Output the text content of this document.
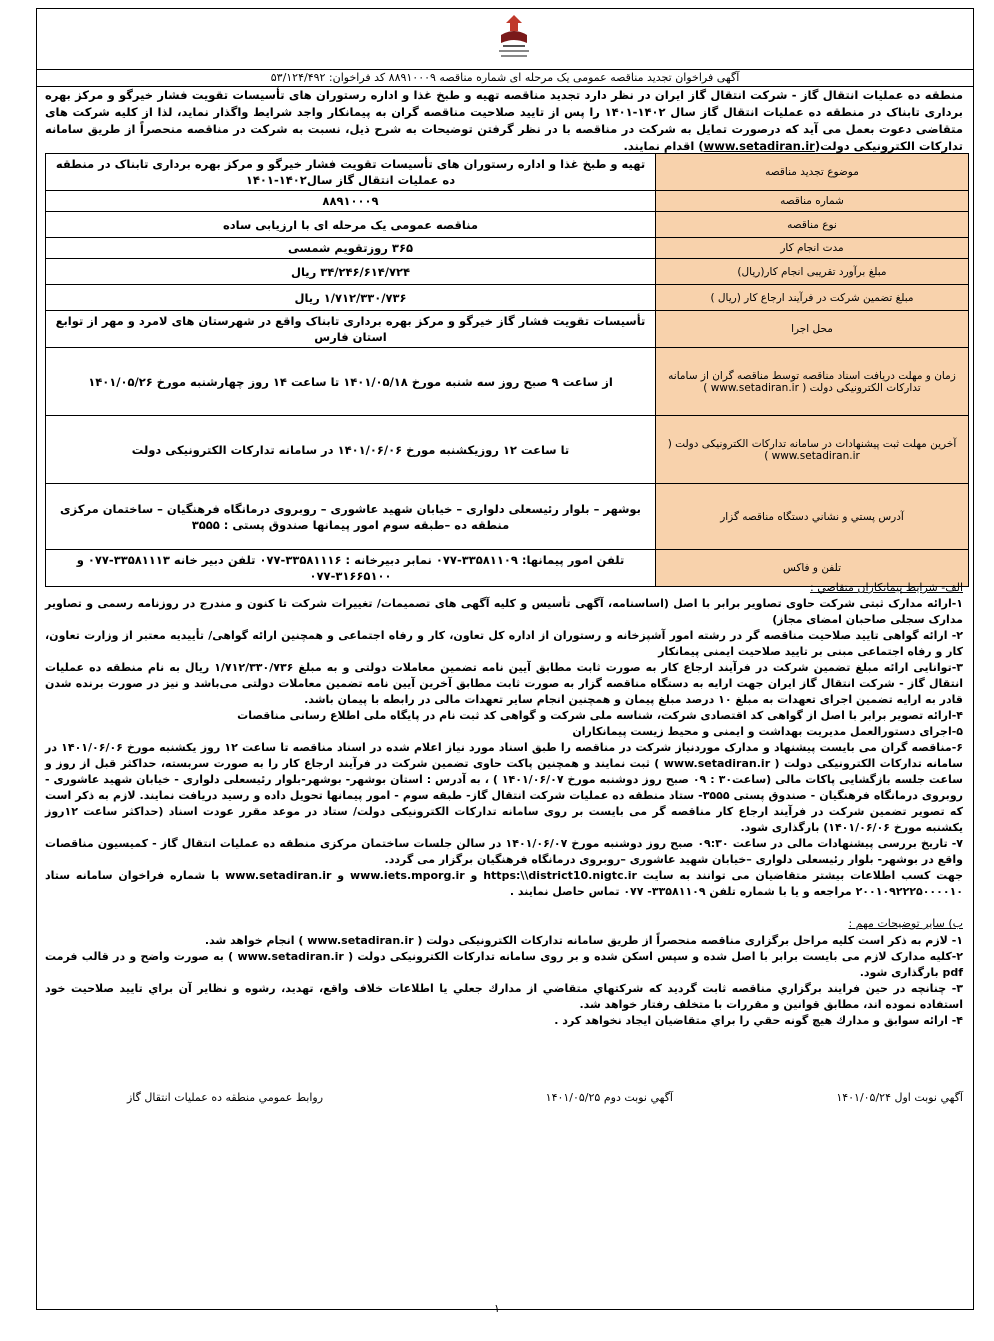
آگهی فراخوان تجدید مناقصه عمومی یک مرحله ای شماره مناقصه ۸۸۹۱۰۰۰۹ کد فراخوان: ۵۳/۱۲۴/۴۹۲
منطقه ده عملیات انتقال گاز - شرکت انتقال گاز ایران در نظر دارد تجدید مناقصه تهیه و طبخ غذا و اداره رستوران های تأسیسات تقویت فشار خیرگو و مرکز بهره برداری تابناک در منطقه ده عملیات انتقال گاز سال ۱۴۰۲-۱۴۰۱ را پس از تایید صلاحیت مناقصه گران به پیمانکار واجد شرایط واگذار نماید، لذا از کلیه شرکت های متقاضی دعوت بعمل می آید که درصورت تمایل به شرکت در مناقصه با در نظر گرفتن توضیحات به شرح ذیل، نسبت به شرکت در مناقصه منحصراً از طریق سامانه تدارکات الکترونیکی دولت(www.setadiran.ir) اقدام نمایند.
موضوع تجدید مناقصه	تهیه و طبخ غذا و اداره رستوران های تأسیسات تقویت فشار خیرگو و مرکز بهره برداری تابناک در منطقه ده عملیات انتقال گاز سال۱۴۰۲-۱۴۰۱
شماره مناقصه	۸۸۹۱۰۰۰۹
نوع مناقصه	مناقصه عمومی یک مرحله ای با ارزیابی ساده
مدت انجام کار	۳۶۵ روزتقویم شمسی
مبلغ برآورد تقریبی انجام کار(ریال)	۳۴/۲۴۶/۶۱۴/۷۲۴ ریال
مبلغ تضمین شرکت در فرآیند ارجاع کار (ریال )	۱/۷۱۲/۳۳۰/۷۳۶ ریال
محل اجرا	تأسیسات تقویت فشار گاز خیرگو و مرکز بهره برداری تابناک واقع در شهرستان های لامرد و مهر از توابع استان فارس
زمان و مهلت دریافت اسناد مناقصه توسط مناقصه گران از سامانه تدارکات الکترونیکی دولت ( www.setadiran.ir )	از ساعت ۹ صبح روز سه شنبه مورخ ۱۴۰۱/۰۵/۱۸ تا ساعت ۱۴ روز چهارشنبه مورخ ۱۴۰۱/۰۵/۲۶
آخرین مهلت ثبت پیشنهادات در سامانه تدارکات الکترونیکی دولت ( www.setadiran.ir )	تا ساعت ۱۲ روزیکشنبه مورخ ۱۴۰۱/۰۶/۰۶ در سامانه تدارکات الکترونیکی دولت
آدرس پستي و نشاني دستگاه مناقصه گزار	بوشهر – بلوار رئیسعلی دلواری – خیابان شهید عاشوری – روبروی درمانگاه فرهنگیان – ساختمان مرکزی منطقه ده –طبقه سوم امور پیمانها صندوق پستی : ۳۵۵۵
تلفن و فاكس	تلفن امور پیمانها: ۳۳۵۸۱۱۰۹-۰۷۷ نمابر دبیرخانه : ۳۳۵۸۱۱۱۶-۰۷۷ تلفن دبیر خانه ۳۳۵۸۱۱۱۳-۰۷۷ و ۳۱۶۶۵۱۰۰-۰۷۷
الف- شرايط پيمانكاران متقاضي :

۱-ارائه مدارک ثبتی شرکت حاوی تصاویر برابر با اصل (اساسنامه، آگهی تأسیس و کلیه آگهی های تصمیمات/ تغییرات شرکت تا کنون و مندرج در روزنامه رسمی و تصاویر مدارک سجلی صاحبان امضای مجاز)

۲- ارائه گواهی تایید صلاحیت مناقصه گر در رشته امور آشپزخانه و رستوران از اداره کل تعاون، کار و رفاه اجتماعی و همچنین ارائه گواهی/ تأییدیه معتبر از وزارت تعاون، کار و رفاه اجتماعی مبنی بر تایید صلاحیت ایمنی پیمانکار

۳-توانایی ارائه مبلغ تضمین شرکت در فرآیند ارجاع کار به صورت ثابت مطابق آیین نامه تضمین معاملات دولتی و به مبلغ ۱/۷۱۲/۳۳۰/۷۳۶ ریال به نام منطقه ده عملیات انتقال گاز - شرکت انتقال گاز ایران جهت ارایه به دستگاه مناقصه گزار به صورت ثابت مطابق آخرین آیین نامه تضمین معاملات دولتی می‌باشد و نیز در صورت برنده شدن قادر به ارایه تضمین اجرای تعهدات به مبلغ ۱۰ درصد مبلغ پیمان و همچنین انجام سایر تعهدات مالی در رابطه با پیمان باشد.

۴-ارائه تصویر برابر با اصل از گواهی کد اقتصادی شرکت، شناسه ملی شرکت و گواهی کد ثبت نام در پایگاه ملی اطلاع رسانی مناقصات

۵-اجرای دستورالعمل مدیریت بهداشت و ایمنی و محیط زیست پیمانکاران

۶-مناقصه گران می بایست پیشنهاد و مدارک موردنیاز شرکت در مناقصه را طبق اسناد مورد نیاز اعلام شده در اسناد مناقصه تا ساعت ۱۲ روز یکشنبه مورخ ۱۴۰۱/۰۶/۰۶ در سامانه تدارکات الکترونیکی دولت ( www.setadiran.ir ) ثبت نمایند و همچنین پاکت حاوی تضمین شرکت در فرآیند ارجاع کار را به صورت سربسته، حداکثر قبل از روز و ساعت جلسه بازگشایی پاکات مالی (ساعت۳۰ : ۰۹ صبح روز دوشنبه مورخ ۱۴۰۱/۰۶/۰۷ ) ، به آدرس : استان بوشهر- بوشهر-بلوار رئیسعلی دلواری - خیابان شهید عاشوری - روبروی درمانگاه فرهنگیان - صندوق پستی ۳۵۵۵- ستاد منطقه ده عملیات شرکت انتقال گاز- طبقه سوم - امور پیمانها تحویل داده و رسید دریافت نمایند. لازم به ذکر است که تصویر تضمین شرکت در فرآیند ارجاع کار مناقصه گر می بایست بر روی سامانه تدارکات الکترونیکی دولت/ ستاد در موعد مقرر عودت اسناد (حداکثر ساعت ۱۲روز یکشنبه مورخ ۱۴۰۱/۰۶/۰۶) بارگذاری شود.

۷- تاریخ بررسی پیشنهادات مالی در ساعت ۰۹:۳۰ صبح روز دوشنبه مورخ ۱۴۰۱/۰۶/۰۷ در سالن جلسات ساختمان مرکزی منطقه ده عملیات انتقال گاز - کمیسیون مناقصات واقع در بوشهر- بلوار رئیسعلی دلواری –خیابان شهید عاشوری –روبروی درمانگاه فرهنگیان برگزار می گردد.

جهت کسب اطلاعات بیشتر متقاضیان می توانند به سایت https:\\district10.nigtc.ir و www.iets.mporg.ir و www.setadiran.ir با شماره فراخوان سامانه ستاد ۲۰۰۱۰۹۲۲۲۵۰۰۰۰۱۰ مراجعه و یا با شماره تلفن ۳۳۵۸۱۱۰۹- ۰۷۷ تماس حاصل نمایند .

ب) ساير توضيحات مهم :

۱- لازم به ذکر است کلیه مراحل برگزاری مناقصه منحصراً از طریق سامانه تدارکات الکترونیکی دولت ( www.setadiran.ir ) انجام خواهد شد.

۲-کلیه مدارک لازم می بایست برابر با اصل شده و سپس اسکن شده و بر روی سامانه تدارکات الکترونیکی دولت ( www.setadiran.ir ) به صورت واضح و در قالب فرمت pdf بارگذاری شود.

۳- چنانچه در حين فرايند برگزاري مناقصه ثابت گرديد كه شركتهاي متقاضي از مدارك جعلي يا اطلاعات خلاف واقع، تهديد، رشوه و نظاير آن براي تاييد صلاحيت خود استفاده نموده اند، مطابق قوانين و مقررات با متخلف رفتار خواهد شد.

۴- ارائه سوابق و مدارك هيچ گونه حقي را براي متقاضيان ايجاد نخواهد كرد .

آگهي نوبت اول ۱۴۰۱/۰۵/۲۴
آگهي نوبت دوم ۱۴۰۱/۰۵/۲۵
روابط عمومي منطقه ده عمليات انتقال گاز
۱
